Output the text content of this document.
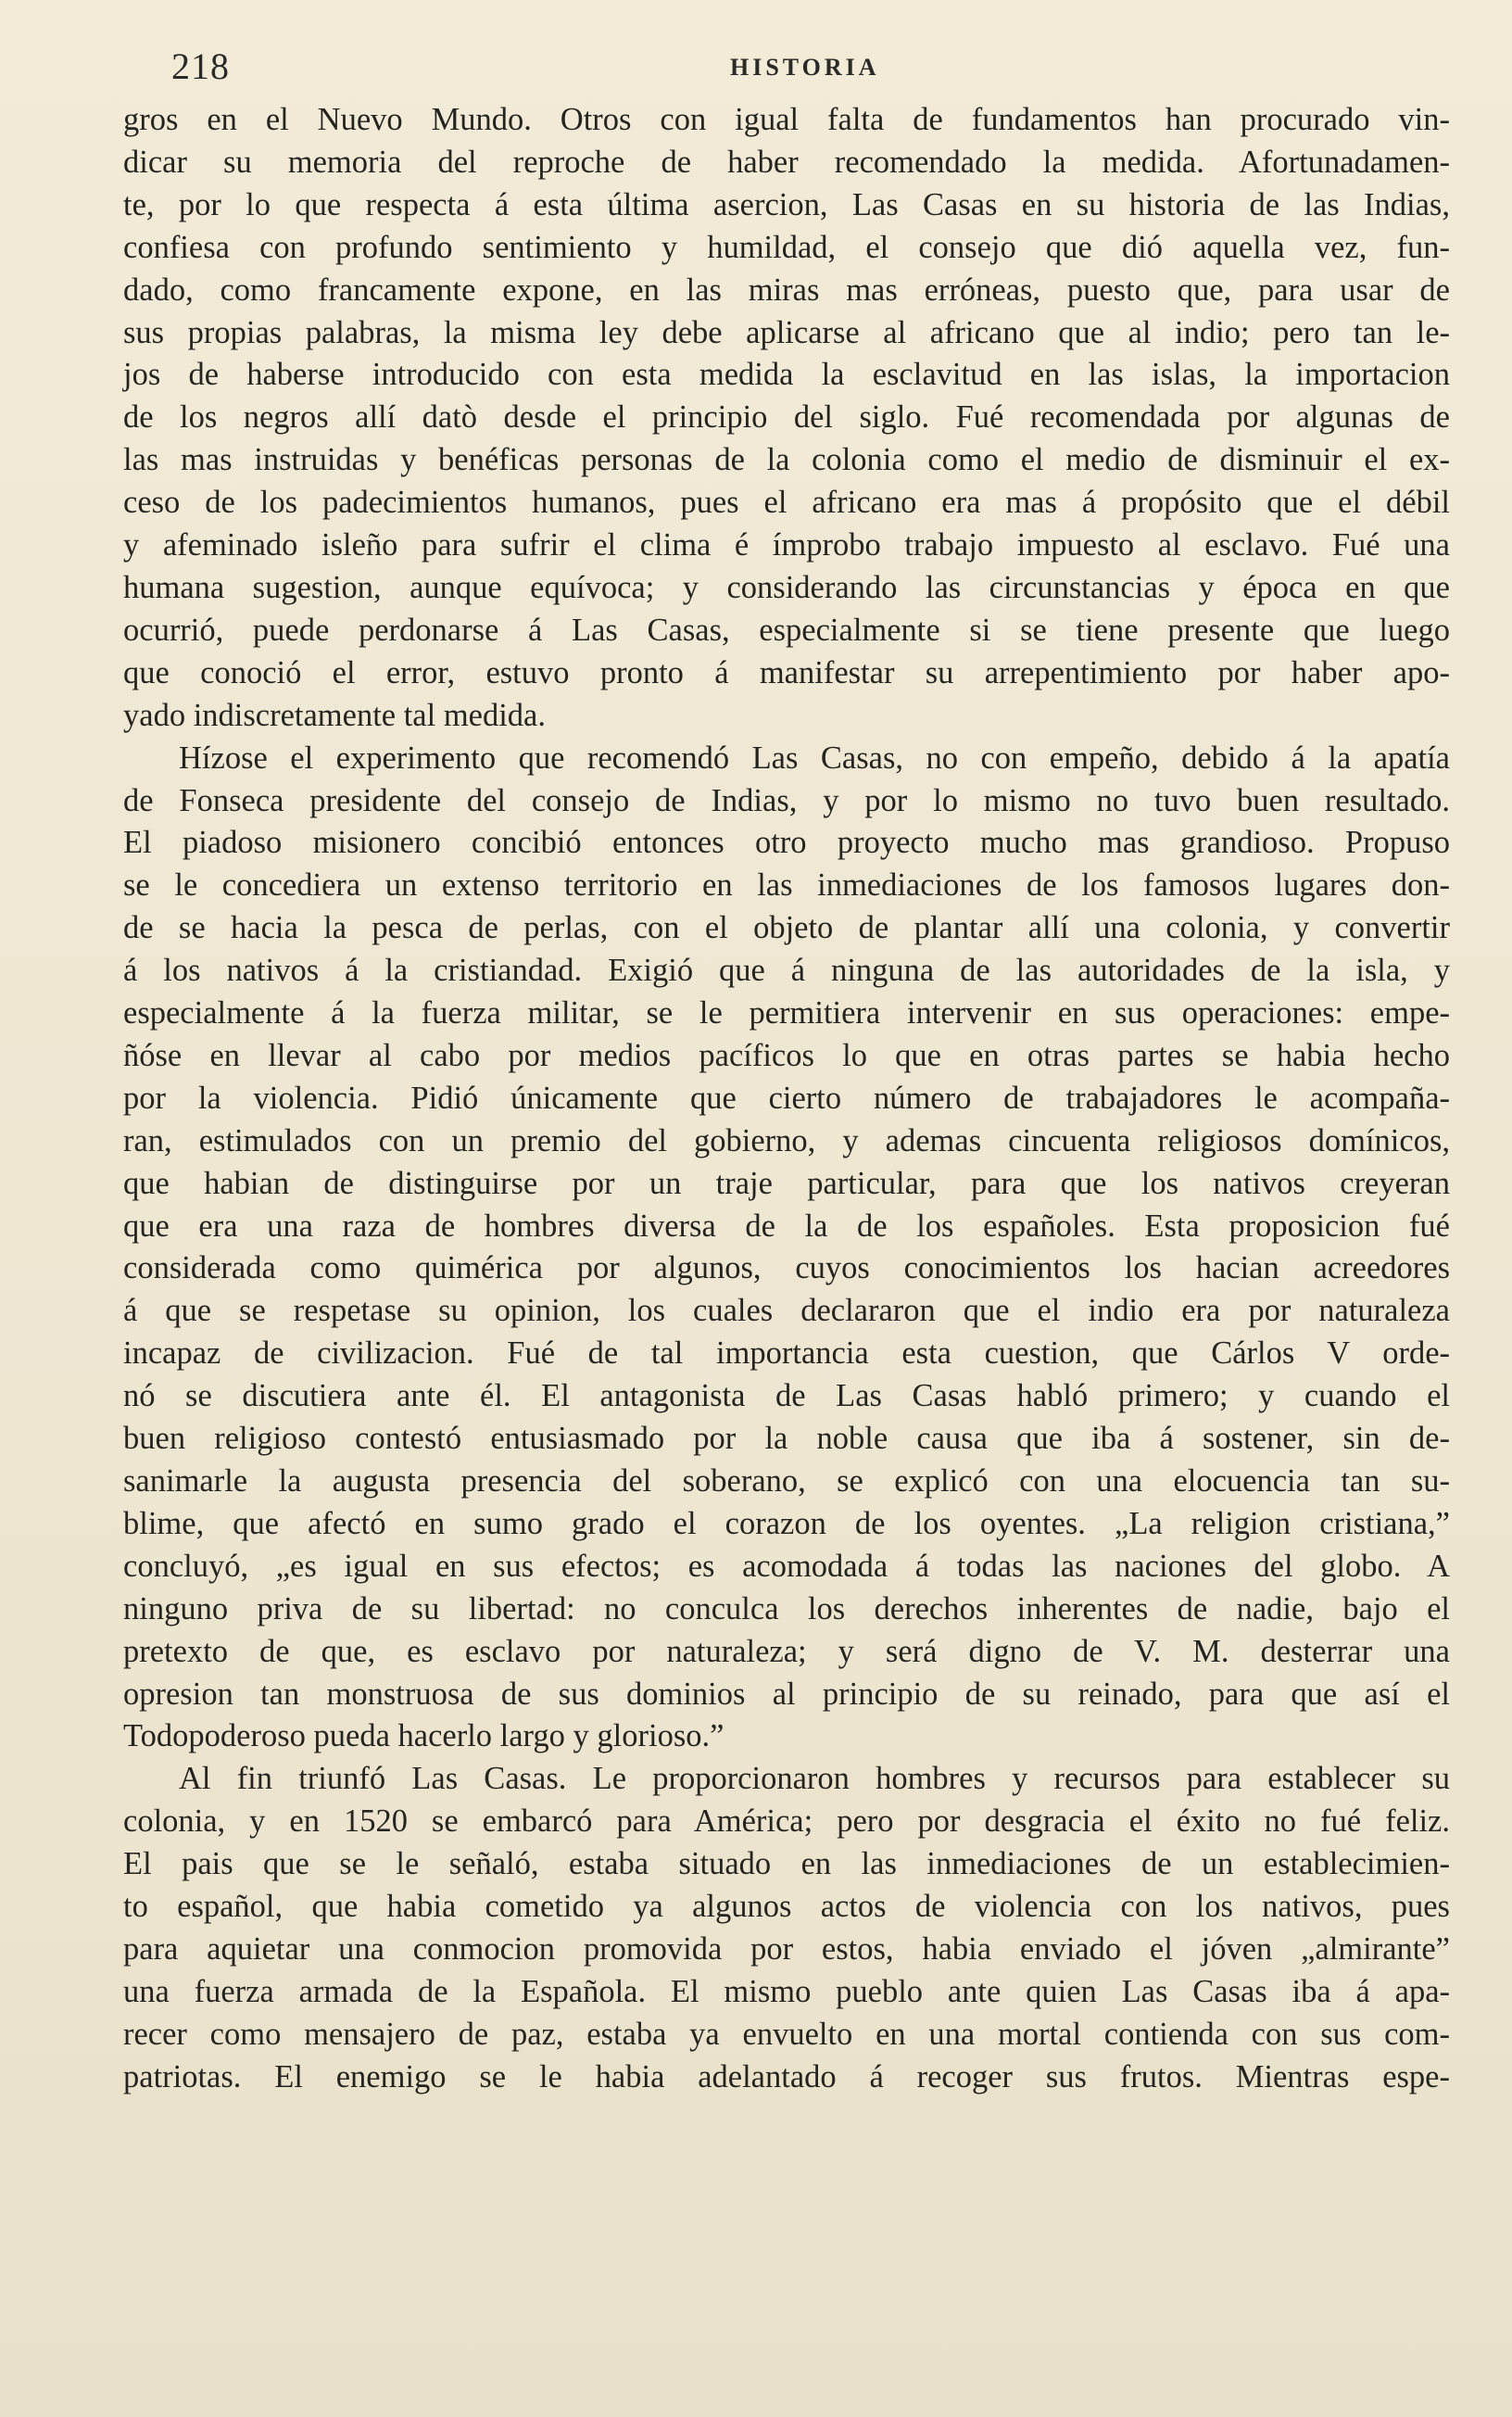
218	HISTORIA
gros en el Nuevo Mundo. Otros con igual falta de fundamentos han procurado vin-
dicar su memoria del reproche de haber recomendado la medida. Afortunadamen-
te, por lo que respecta á esta última asercion, Las Casas en su historia de las Indias,
confiesa con profundo sentimiento y humildad, el consejo que dió aquella vez, fun-
dado, como francamente expone, en las miras mas erróneas, puesto que, para usar de
sus propias palabras, la misma ley debe aplicarse al africano que al indio; pero tan le-
jos de haberse introducido con esta medida la esclavitud en las islas, la importacion
de los negros allí datò desde el principio del siglo. Fué recomendada por algunas de
las mas instruidas y benéficas personas de la colonia como el medio de disminuir el ex-
ceso de los padecimientos humanos, pues el africano era mas á propósito que el débil
y afeminado isleño para sufrir el clima é ímprobo trabajo impuesto al esclavo. Fué una
humana sugestion, aunque equívoca; y considerando las circunstancias y época en que
ocurrió, puede perdonarse á Las Casas, especialmente si se tiene presente que luego
que conoció el error, estuvo pronto á manifestar su arrepentimiento por haber apo-
yado indiscretamente tal medida.
Hízose el experimento que recomendó Las Casas, no con empeño, debido á la apatía
de Fonseca presidente del consejo de Indias, y por lo mismo no tuvo buen resultado.
El piadoso misionero concibió entonces otro proyecto mucho mas grandioso. Propuso
se le concediera un extenso territorio en las inmediaciones de los famosos lugares don-
de se hacia la pesca de perlas, con el objeto de plantar allí una colonia, y convertir
á los nativos á la cristiandad. Exigió que á ninguna de las autoridades de la isla, y
especialmente á la fuerza militar, se le permitiera intervenir en sus operaciones: empe-
ñóse en llevar al cabo por medios pacíficos lo que en otras partes se habia hecho
por la violencia. Pidió únicamente que cierto número de trabajadores le acompaña-
ran, estimulados con un premio del gobierno, y ademas cincuenta religiosos domínicos,
que habian de distinguirse por un traje particular, para que los nativos creyeran
que era una raza de hombres diversa de la de los españoles. Esta proposicion fué
considerada como quimérica por algunos, cuyos conocimientos los hacian acreedores
á que se respetase su opinion, los cuales declararon que el indio era por naturaleza
incapaz de civilizacion. Fué de tal importancia esta cuestion, que Cárlos V orde-
nó se discutiera ante él. El antagonista de Las Casas habló primero; y cuando el
buen religioso contestó entusiasmado por la noble causa que iba á sostener, sin de-
sanimarle la augusta presencia del soberano, se explicó con una elocuencia tan su-
blime, que afectó en sumo grado el corazon de los oyentes. „La religion cristiana,”
concluyó, „es igual en sus efectos; es acomodada á todas las naciones del globo. A
ninguno priva de su libertad: no conculca los derechos inherentes de nadie, bajo el
pretexto de que, es esclavo por naturaleza; y será digno de V. M. desterrar una
opresion tan monstruosa de sus dominios al principio de su reinado, para que así el
Todopoderoso pueda hacerlo largo y glorioso.”
Al fin triunfó Las Casas. Le proporcionaron hombres y recursos para establecer su
colonia, y en 1520 se embarcó para América; pero por desgracia el éxito no fué feliz.
El pais que se le señaló, estaba situado en las inmediaciones de un establecimien-
to español, que habia cometido ya algunos actos de violencia con los nativos, pues
para aquietar una conmocion promovida por estos, habia enviado el jóven „almirante”
una fuerza armada de la Española. El mismo pueblo ante quien Las Casas iba á apa-
recer como mensajero de paz, estaba ya envuelto en una mortal contienda con sus com-
patriotas. El enemigo se le habia adelantado á recoger sus frutos. Mientras espe-
